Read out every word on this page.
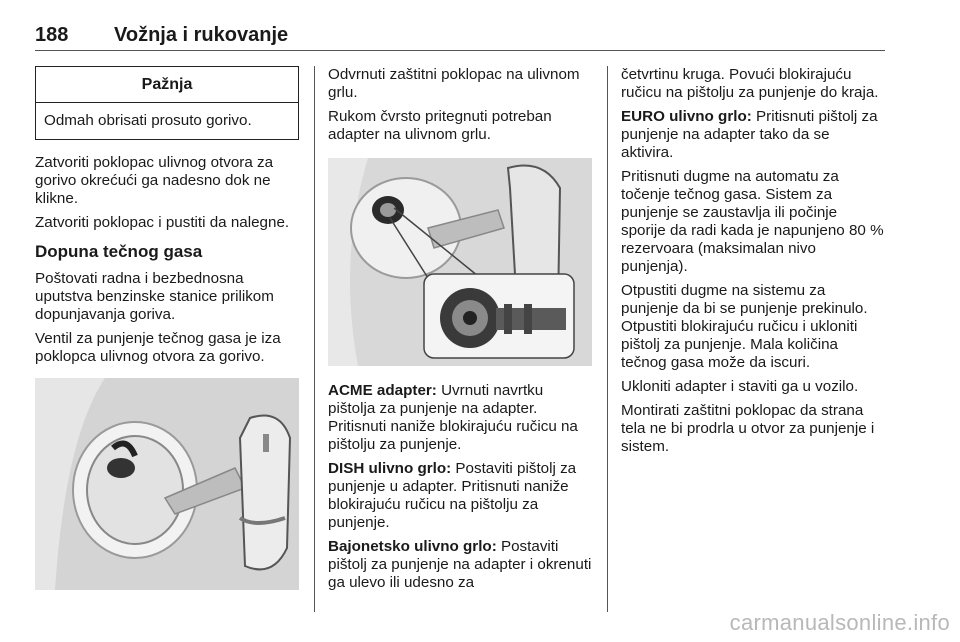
188 Vožnja i rukovanje
Pažnja
Odmah obrisati prosuto gorivo.

Zatvoriti poklopac ulivnog otvora za gorivo okrećući ga nadesno dok ne klikne.

Zatvoriti poklopac i pustiti da nalegne.

Dopuna tečnog gasa

Poštovati radna i bezbednosna uputstva benzinske stanice prilikom dopunjavanja goriva.

Ventil za punjenje tečnog gasa je iza poklopca ulivnog otvora za gorivo.

Odvrnuti zaštitni poklopac na ulivnom grlu.

Rukom čvrsto pritegnuti potreban adapter na ulivnom grlu.

ACME adapter: Uvrnuti navrtku pištolja za punjenje na adapter. Pritisnuti naniže blokirajuću ručicu na pištolju za punjenje.

DISH ulivno grlo: Postaviti pištolj za punjenje u adapter. Pritisnuti naniže blokirajuću ručicu na pištolju za punjenje.

Bajonetsko ulivno grlo: Postaviti pištolj za punjenje na adapter i okrenuti ga ulevo ili udesno za

četvrtinu kruga. Povući blokirajuću ručicu na pištolju za punjenje do kraja.

EURO ulivno grlo: Pritisnuti pištolj za punjenje na adapter tako da se aktivira.

Pritisnuti dugme na automatu za točenje tečnog gasa. Sistem za punjenje se zaustavlja ili počinje sporije da radi kada je napunjeno 80 % rezervoara (maksimalan nivo punjenja).

Otpustiti dugme na sistemu za punjenje da bi se punjenje prekinulo. Otpustiti blokirajuću ručicu i ukloniti pištolj za punjenje. Mala količina tečnog gasa može da iscuri.

Ukloniti adapter i staviti ga u vozilo.

Montirati zaštitni poklopac da strana tela ne bi prodrla u otvor za punjenje i sistem.

carmanualsonline.info
